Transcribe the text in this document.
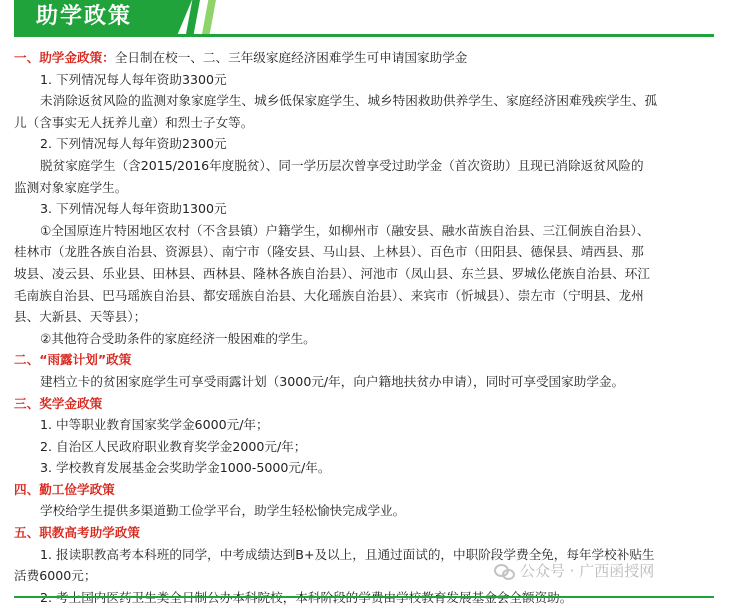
助学政策
一、助学金政策：全日制在校一、二、三年级家庭经济困难学生可申请国家助学金
1. 下列情况每人每年资助3300元
未消除返贫风险的监测对象家庭学生、城乡低保家庭学生、城乡特困救助供养学生、家庭经济困难残疾学生、孤
儿（含事实无人抚养儿童）和烈士子女等。
2. 下列情况每人每年资助2300元
脱贫家庭学生（含2015/2016年度脱贫）、同一学历层次曾享受过助学金（首次资助）且现已消除返贫风险的
监测对象家庭学生。
3. 下列情况每人每年资助1300元
①全国原连片特困地区农村（不含县镇）户籍学生，如柳州市（融安县、融水苗族自治县、三江侗族自治县）、
桂林市（龙胜各族自治县、资源县）、南宁市（隆安县、马山县、上林县）、百色市（田阳县、德保县、靖西县、那
坡县、凌云县、乐业县、田林县、西林县、隆林各族自治县）、河池市（凤山县、东兰县、罗城仫佬族自治县、环江
毛南族自治县、巴马瑶族自治县、都安瑶族自治县、大化瑶族自治县）、来宾市（忻城县）、崇左市（宁明县、龙州
县、大新县、天等县）；
②其他符合受助条件的家庭经济一般困难的学生。
二、“雨露计划”政策
建档立卡的贫困家庭学生可享受雨露计划（3000元/年，向户籍地扶贫办申请），同时可享受国家助学金。
三、奖学金政策
1. 中等职业教育国家奖学金6000元/年；
2. 自治区人民政府职业教育奖学金2000元/年；
3. 学校教育发展基金会奖助学金1000-5000元/年。
四、勤工俭学政策
学校给学生提供多渠道勤工俭学平台，助学生轻松愉快完成学业。
五、职教高考助学政策
1. 报读职教高考本科班的同学，中考成绩达到B+及以上，且通过面试的，中职阶段学费全免，每年学校补贴生
活费6000元；	公众号 · 广西函授网
